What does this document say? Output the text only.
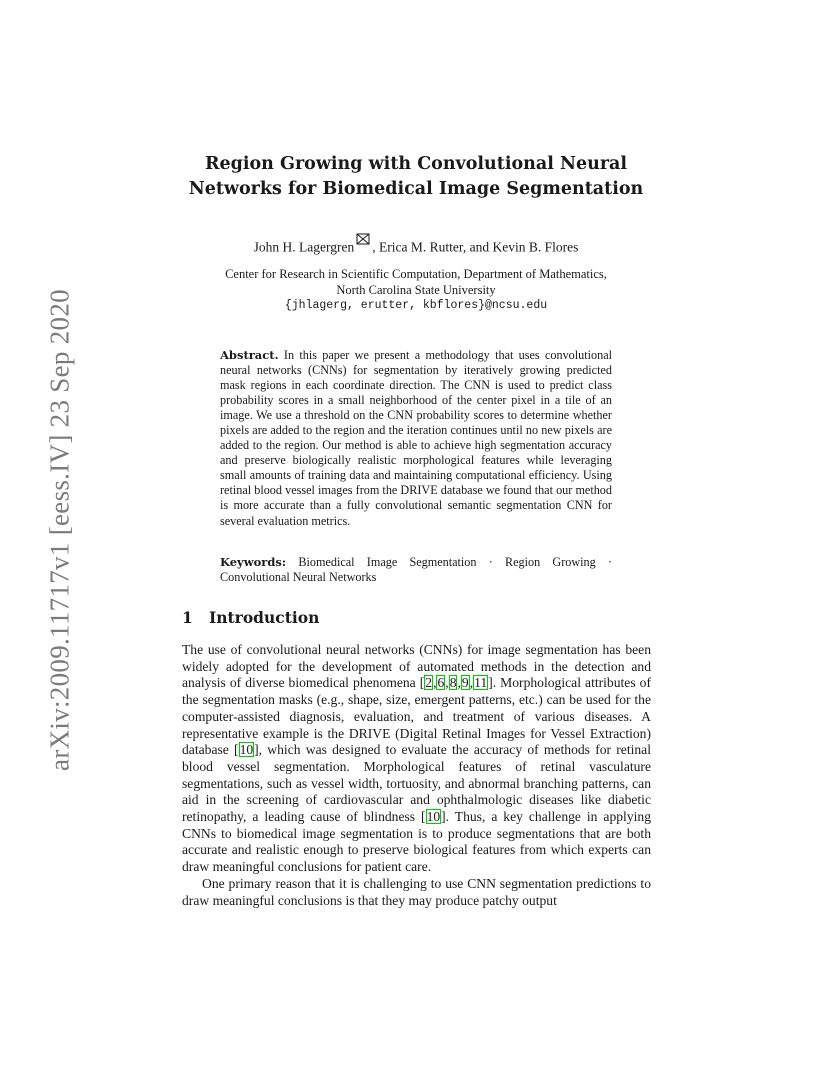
arXiv:2009.11717v1 [eess.IV] 23 Sep 2020
Region Growing with Convolutional Neural
Networks for Biomedical Image Segmentation
John H. Lagergren , Erica M. Rutter, and Kevin B. Flores
Center for Research in Scientific Computation, Department of Mathematics,
North Carolina State University
{jhlagerg, erutter, kbflores}@ncsu.edu

Abstract. In this paper we present a methodology that uses convolutional neural networks (CNNs) for segmentation by iteratively growing predicted mask regions in each coordinate direction. The CNN is used to predict class probability scores in a small neighborhood of the center pixel in a tile of an image. We use a threshold on the CNN probability scores to determine whether pixels are added to the region and the iteration continues until no new pixels are added to the region. Our method is able to achieve high segmentation accuracy and preserve biologically realistic morphological features while leveraging small amounts of training data and maintaining computational efficiency. Using retinal blood vessel images from the DRIVE database we found that our method is more accurate than a fully convolutional semantic segmentation CNN for several evaluation metrics.

Keywords: Biomedical Image Segmentation · Region Growing · Convolutional Neural Networks
1 Introduction

The use of convolutional neural networks (CNNs) for image segmentation has been widely adopted for the development of automated methods in the detection and analysis of diverse biomedical phenomena [2,6,8,9,11]. Morphological attributes of the segmentation masks (e.g., shape, size, emergent patterns, etc.) can be used for the computer-assisted diagnosis, evaluation, and treatment of various diseases. A representative example is the DRIVE (Digital Retinal Images for Vessel Extraction) database [10], which was designed to evaluate the accuracy of methods for retinal blood vessel segmentation. Morphological features of retinal vasculature segmentations, such as vessel width, tortuosity, and abnormal branching patterns, can aid in the screening of cardiovascular and ophthalmologic diseases like diabetic retinopathy, a leading cause of blindness [10]. Thus, a key challenge in applying CNNs to biomedical image segmentation is to produce segmentations that are both accurate and realistic enough to preserve biological features from which experts can draw meaningful conclusions for patient care.

One primary reason that it is challenging to use CNN segmentation predictions to draw meaningful conclusions is that they may produce patchy output
